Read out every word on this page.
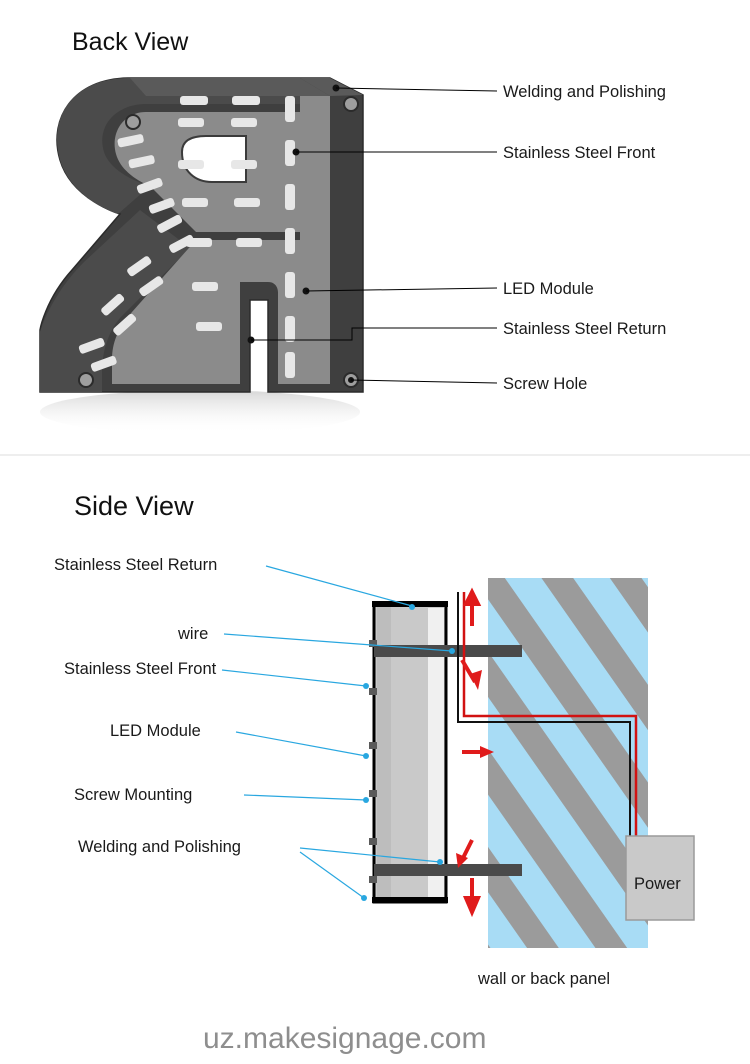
Back View
Welding and Polishing
Stainless Steel Front
LED Module
Stainless Steel Return
Screw Hole
Side View
Power
Stainless Steel Return
wire
Stainless Steel Front
LED Module
Screw Mounting
Welding and Polishing
wall or back panel
uz.makesignage.com
